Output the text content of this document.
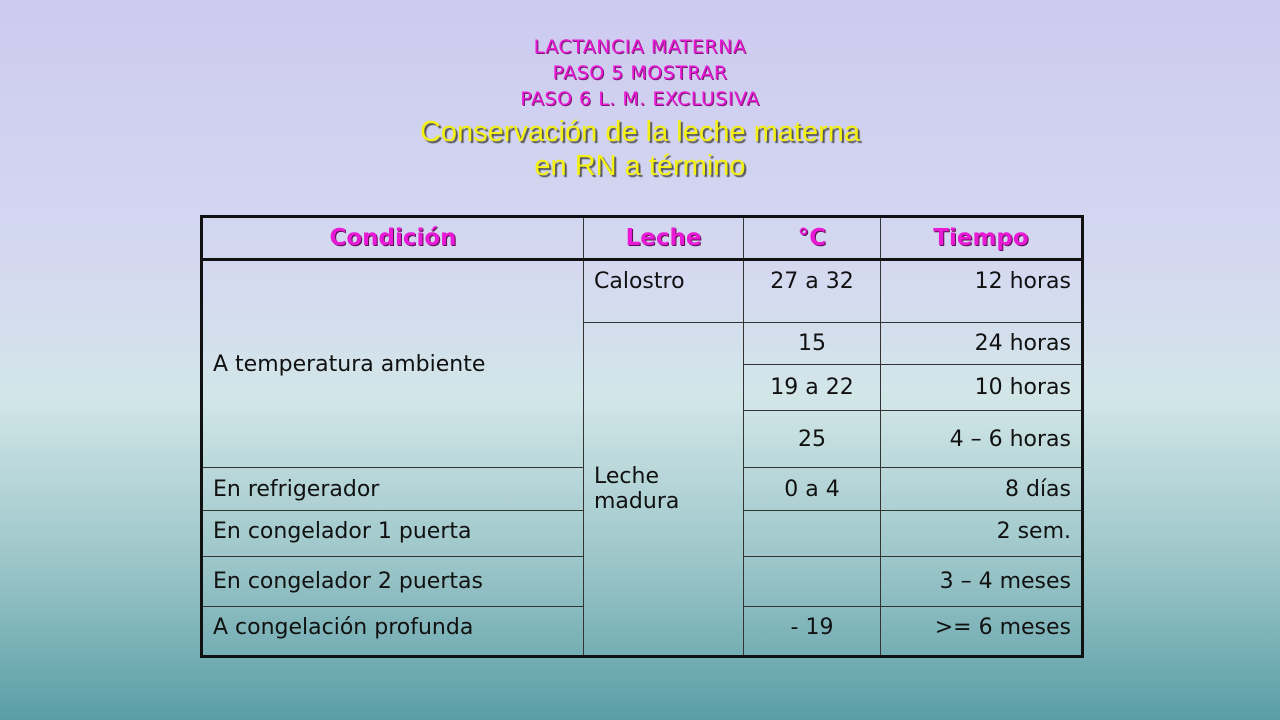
LACTANCIA MATERNA
PASO 5 MOSTRAR
PASO 6 L. M. EXCLUSIVA
Conservación de la leche materna
en RN a término
Condición	Leche	°C	Tiempo
A temperatura ambiente	Calostro	27 a 32	12 horas
	Leche madura	15	24 horas
		19 a 22	10 horas
		25	4 – 6 horas
En refrigerador		0 a 4	8 días
En congelador 1 puerta			2 sem.
En congelador 2 puertas			3 – 4 meses
A congelación profunda		- 19	>= 6 meses
